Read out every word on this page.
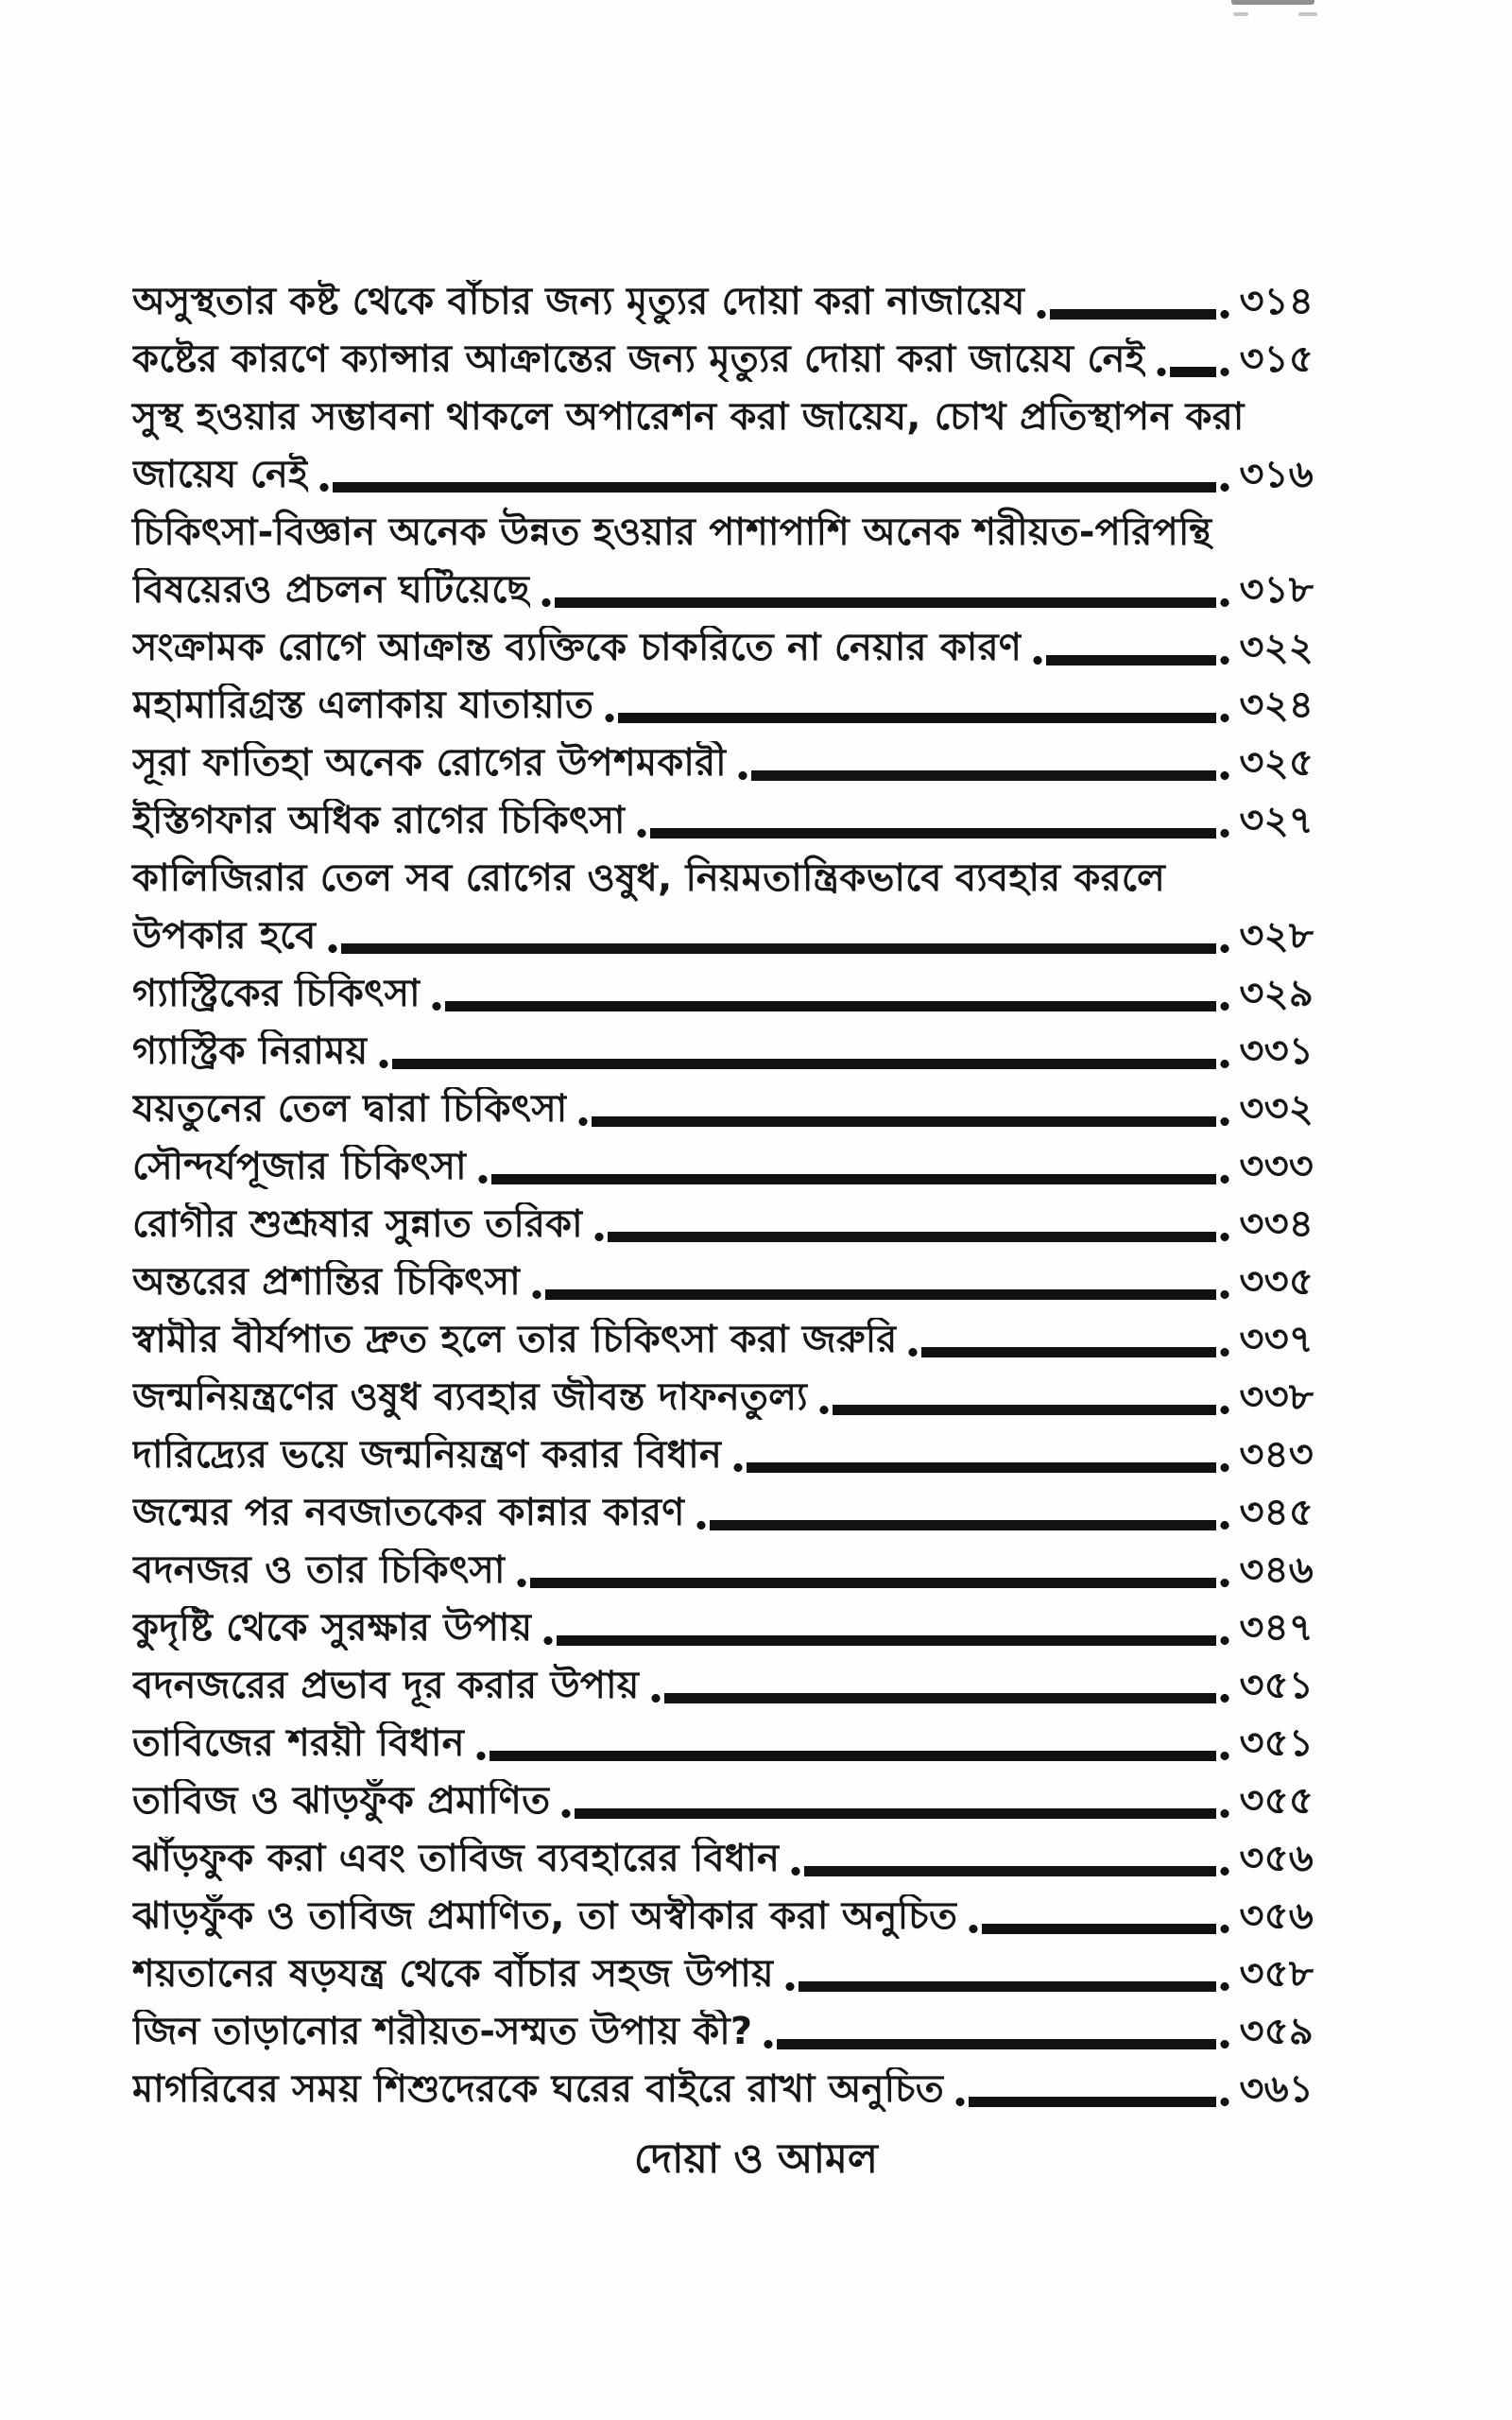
অসুস্থতার কষ্ট থেকে বাঁচার জন্য মৃত্যুর দোয়া করা নাজায়েয	৩১৪
কষ্টের কারণে ক্যান্সার আক্রান্তের জন্য মৃত্যুর দোয়া করা জায়েয নেই ৩১৫
সুস্থ হওয়ার সম্ভাবনা থাকলে অপারেশন করা জায়েয, চোখ প্রতিস্থাপন করা
জায়েয নেই	৩১৬
চিকিৎসা-বিজ্ঞান অনেক উন্নত হওয়ার পাশাপাশি অনেক শরীয়ত-পরিপন্থি
বিষয়েরও প্রচলন ঘটিয়েছে	৩১৮
সংক্রামক রোগে আক্রান্ত ব্যক্তিকে চাকরিতে না নেয়ার কারণ	৩২২
মহামারিগ্রস্ত এলাকায় যাতায়াত	৩২৪
সূরা ফাতিহা অনেক রোগের উপশমকারী	৩২৫
ইস্তিগফার অধিক রাগের চিকিৎসা	৩২৭
কালিজিরার তেল সব রোগের ওষুধ, নিয়মতান্ত্রিকভাবে ব্যবহার করলে
উপকার হবে	৩২৮
গ্যাস্ট্রিকের চিকিৎসা	৩২৯
গ্যাস্ট্রিক নিরাময়	৩৩১
যয়তুনের তেল দ্বারা চিকিৎসা	৩৩২
সৌন্দর্যপূজার চিকিৎসা	৩৩৩
রোগীর শুশ্রূষার সুন্নাত তরিকা	৩৩৪
অন্তরের প্রশান্তির চিকিৎসা	৩৩৫
স্বামীর বীর্যপাত দ্রুত হলে তার চিকিৎসা করা জরুরি	৩৩৭
জন্মনিয়ন্ত্রণের ওষুধ ব্যবহার জীবন্ত দাফনতুল্য	৩৩৮
দারিদ্র্যের ভয়ে জন্মনিয়ন্ত্রণ করার বিধান	৩৪৩
জন্মের পর নবজাতকের কান্নার কারণ	৩৪৫
বদনজর ও তার চিকিৎসা	৩৪৬
কুদৃষ্টি থেকে সুরক্ষার উপায়	৩৪৭
বদনজরের প্রভাব দূর করার উপায়	৩৫১
তাবিজের শরয়ী বিধান	৩৫১
তাবিজ ও ঝাড়ফুঁক প্রমাণিত	৩৫৫
ঝাঁড়ফুক করা এবং তাবিজ ব্যবহারের বিধান	৩৫৬
ঝাড়ফুঁক ও তাবিজ প্রমাণিত, তা অস্বীকার করা অনুচিত	৩৫৬
শয়তানের ষড়যন্ত্র থেকে বাঁচার সহজ উপায়	৩৫৮
জিন তাড়ানোর শরীয়ত-সম্মত উপায় কী?	৩৫৯
মাগরিবের সময় শিশুদেরকে ঘরের বাইরে রাখা অনুচিত	৩৬১
দোয়া ও আমল
